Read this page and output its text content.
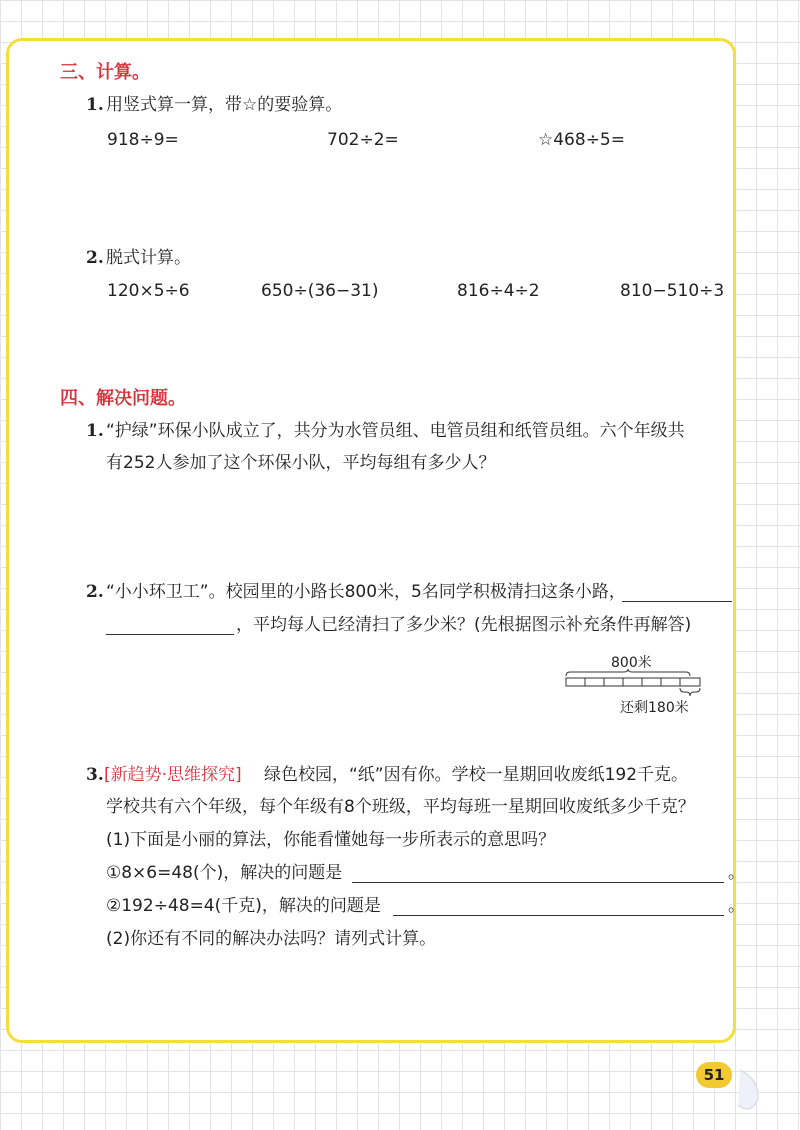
三、计算。
1. 用竖式算一算，带☆的要验算。
918÷9=	702÷2=	☆468÷5=
2. 脱式计算。
120×5÷6	650÷(36−31)	816÷4÷2	810−510÷3
四、解决问题。
1. “护绿”环保小队成立了，共分为水管员组、电管员组和纸管员组。六个年级共
有252人参加了这个环保小队，平均每组有多少人？
2. “小小环卫工”。校园里的小路长800米，5名同学积极清扫这条小路，
，平均每人已经清扫了多少米？(先根据图示补充条件再解答)
800米
还剩180米
3. [新趋势·思维探究] 绿色校园，“纸”因有你。学校一星期回收废纸192千克。
学校共有六个年级，每个年级有8个班级，平均每班一星期回收废纸多少千克？
(1)下面是小丽的算法，你能看懂她每一步所表示的意思吗？
①8×6=48(个)，解决的问题是	。
②192÷48=4(千克)，解决的问题是	。
(2)你还有不同的解决办法吗？请列式计算。
51
